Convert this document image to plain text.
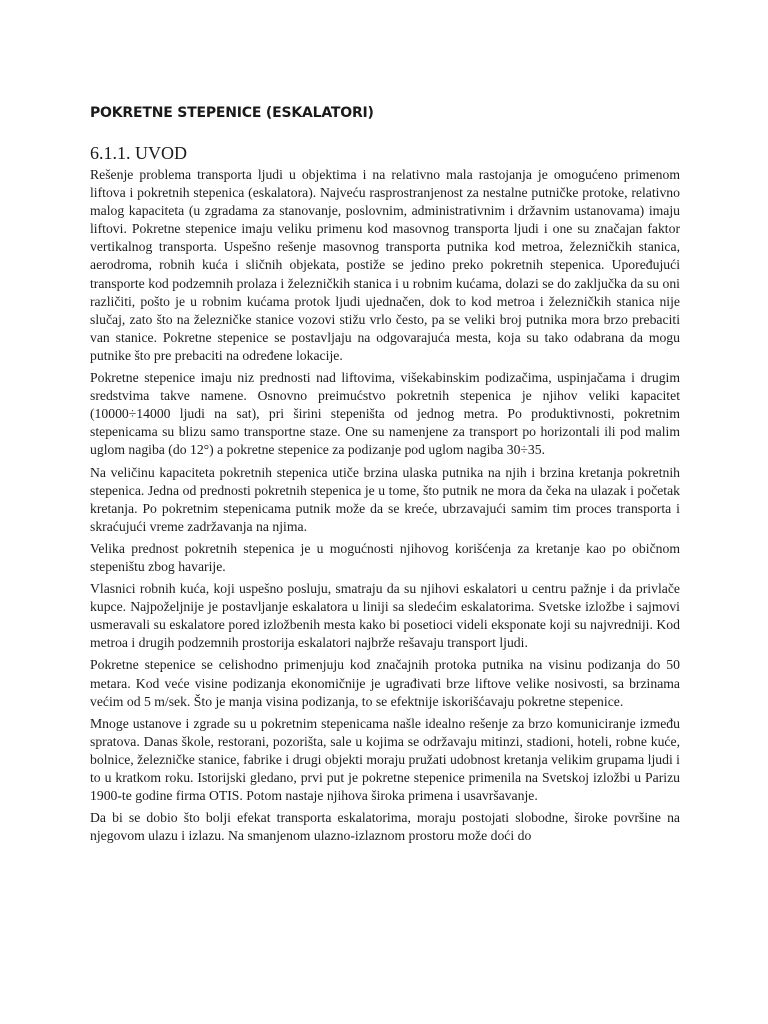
POKRETNE STEPENICE (ESKALATORI)
6.1.1. UVOD

Rešenje problema transporta ljudi u objektima i na relativno mala rastojanja je omogućeno primenom liftova i pokretnih stepenica (eskalatora). Najveću rasprostranjenost za nestalne putničke protoke, relativno malog kapaciteta (u zgradama za stanovanje, poslovnim, administrativnim i državnim ustanovama) imaju liftovi. Pokretne stepenice imaju veliku primenu kod masovnog transporta ljudi i one su značajan faktor vertikalnog transporta. Uspešno rešenje masovnog transporta putnika kod metroa, železničkih stanica, aerodroma, robnih kuća i sličnih objekata, postiže se jedino preko pokretnih stepenica. Upoređujući transporte kod podzemnih prolaza i železničkih stanica i u robnim kućama, dolazi se do zaključka da su oni različiti, pošto je u robnim kućama protok ljudi ujednačen, dok to kod metroa i železničkih stanica nije slučaj, zato što na železničke stanice vozovi stižu vrlo često, pa se veliki broj putnika mora brzo prebaciti van stanice. Pokretne stepenice se postavljaju na odgovarajuća mesta, koja su tako odabrana da mogu putnike što pre prebaciti na određene lokacije.

Pokretne stepenice imaju niz prednosti nad liftovima, višekabinskim podizačima, uspinjačama i drugim sredstvima takve namene. Osnovno preimućstvo pokretnih stepenica je njihov veliki kapacitet (10000÷14000 ljudi na sat), pri širini stepeništa od jednog metra. Po produktivnosti, pokretnim stepenicama su blizu samo transportne staze. One su namenjene za transport po horizontali ili pod malim uglom nagiba (do 12°) a pokretne stepenice za podizanje pod uglom nagiba 30÷35.

Na veličinu kapaciteta pokretnih stepenica utiče brzina ulaska putnika na njih i brzina kretanja pokretnih stepenica. Jedna od prednosti pokretnih stepenica je u tome, što putnik ne mora da čeka na ulazak i početak kretanja. Po pokretnim stepenicama putnik može da se kreće, ubrzavajući samim tim proces transporta i skraćujući vreme zadržavanja na njima.

Velika prednost pokretnih stepenica je u mogućnosti njihovog korišćenja za kretanje kao po običnom stepeništu zbog havarije.

Vlasnici robnih kuća, koji uspešno posluju, smatraju da su njihovi eskalatori u centru pažnje i da privlače kupce. Najpoželjnije je postavljanje eskalatora u liniji sa sledećim eskalatorima. Svetske izložbe i sajmovi usmeravali su eskalatore pored izložbenih mesta kako bi posetioci videli eksponate koji su najvredniji. Kod metroa i drugih podzemnih prostorija eskalatori najbrže rešavaju transport ljudi.

Pokretne stepenice se celishodno primenjuju kod značajnih protoka putnika na visinu podizanja do 50 metara. Kod veće visine podizanja ekonomičnije je ugrađivati brze liftove velike nosivosti, sa brzinama većim od 5 m/sek. Što je manja visina podizanja, to se efektnije iskorišćavaju pokretne stepenice.

Mnoge ustanove i zgrade su u pokretnim stepenicama našle idealno rešenje za brzo komuniciranje između spratova. Danas škole, restorani, pozorišta, sale u kojima se održavaju mitinzi, stadioni, hoteli, robne kuće, bolnice, železničke stanice, fabrike i drugi objekti moraju pružati udobnost kretanja velikim grupama ljudi i to u kratkom roku. Istorijski gledano, prvi put je pokretne stepenice primenila na Svetskoj izložbi u Parizu 1900-te godine firma OTIS. Potom nastaje njihova široka primena i usavršavanje.

Da bi se dobio što bolji efekat transporta eskalatorima, moraju postojati slobodne, široke površine na njegovom ulazu i izlazu. Na smanjenom ulazno-izlaznom prostoru može doći do
